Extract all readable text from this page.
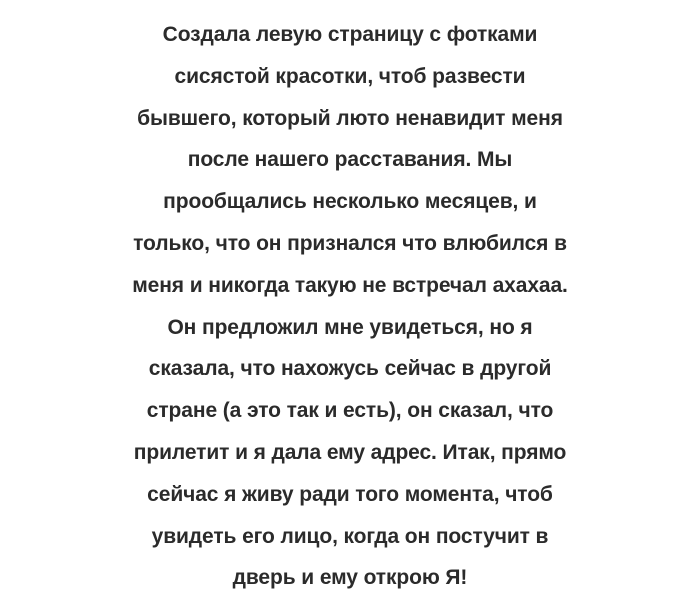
Создала левую страницу с фотками
сисястой красотки, чтоб развести
бывшего, который люто ненавидит меня
после нашего расставания. Мы
прообщались несколько месяцев, и
только, что он признался что влюбился в
меня и никогда такую не встречал ахахаа.
Он предложил мне увидеться, но я
сказала, что нахожусь сейчас в другой
стране (а это так и есть), он сказал, что
прилетит и я дала ему адрес. Итак, прямо
сейчас я живу ради того момента, чтоб
увидеть его лицо, когда он постучит в
дверь и ему открою Я!
